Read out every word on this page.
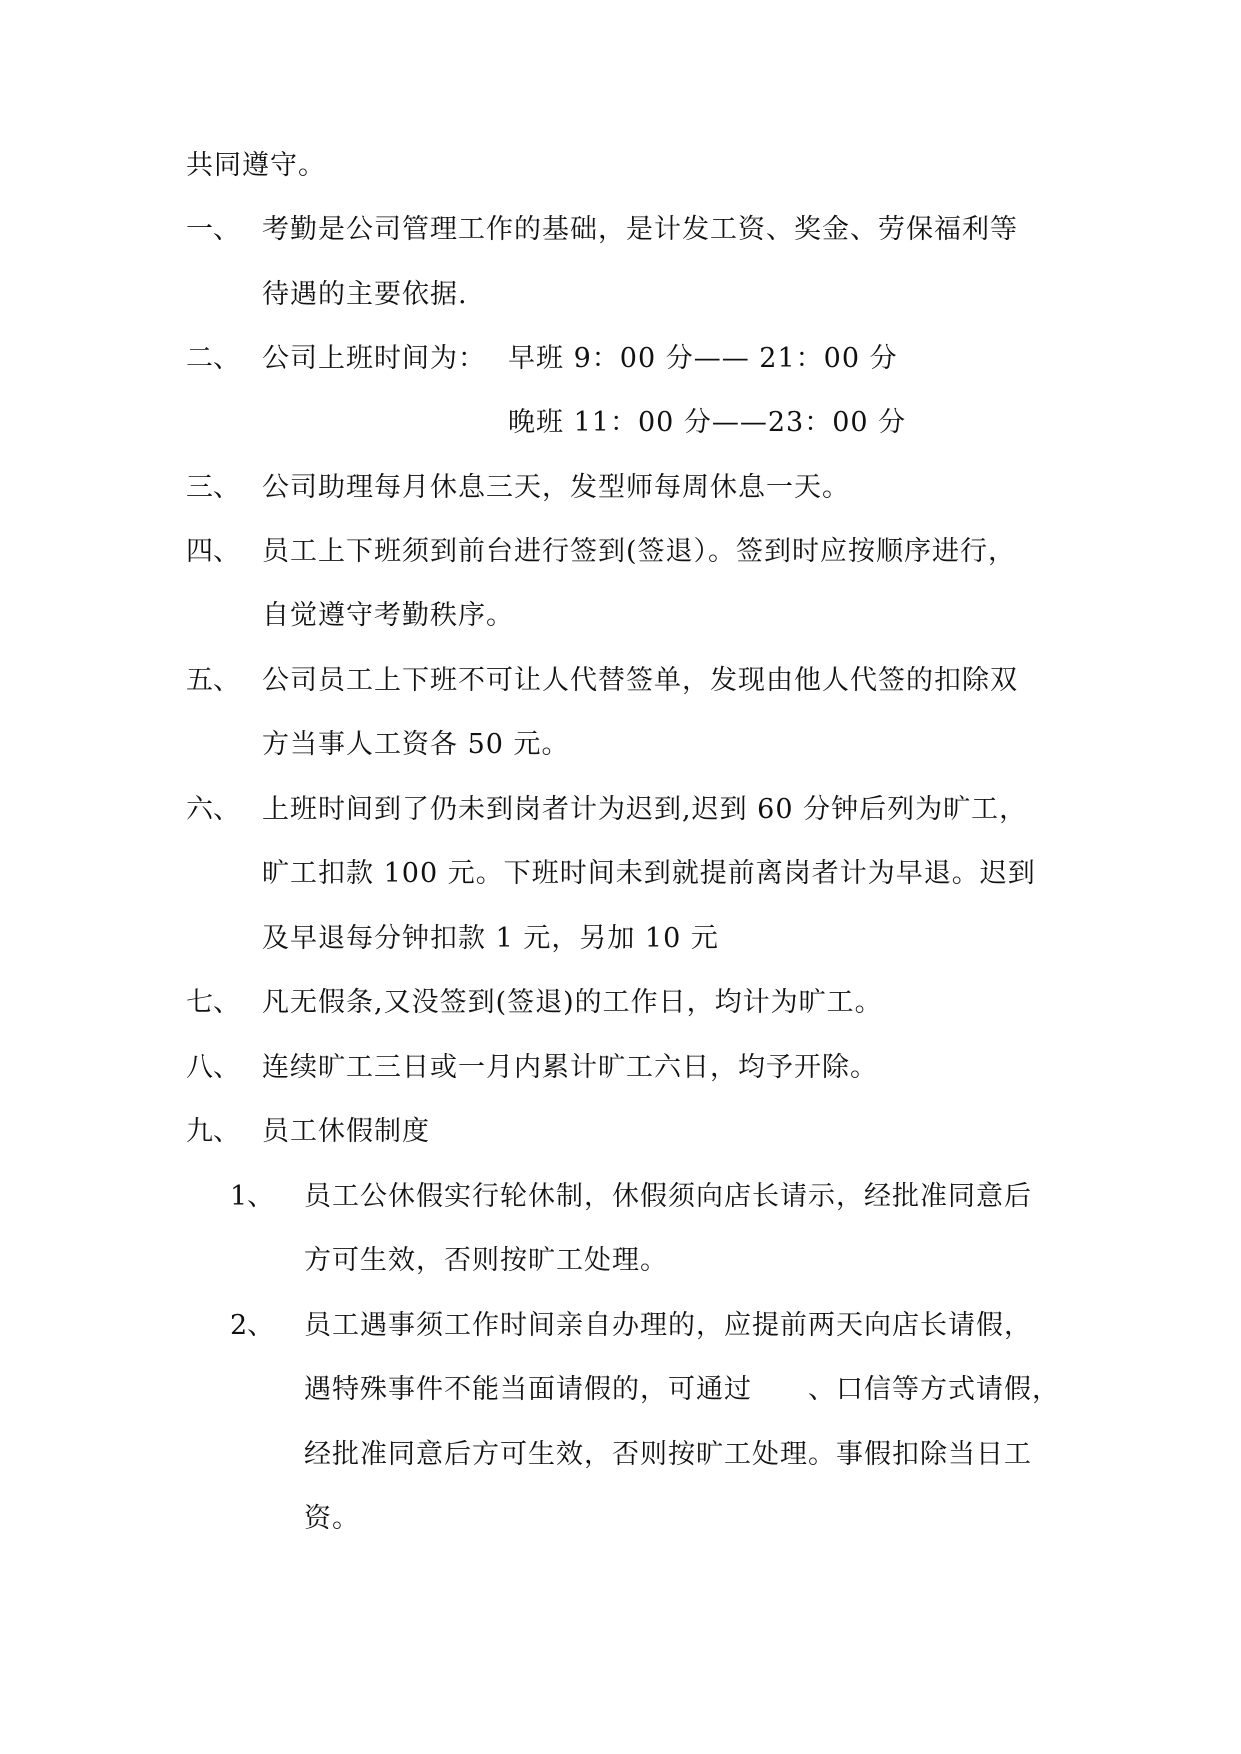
共同遵守。
一、 考勤是公司管理工作的基础，是计发工资、奖金、劳保福利等
待遇的主要依据.
二、 公司上班时间为： 早班 9：00 分—— 21：00 分
晚班 11：00 分——23：00 分
三、 公司助理每月休息三天，发型师每周休息一天。
四、 员工上下班须到前台进行签到(签退）。签到时应按顺序进行，
自觉遵守考勤秩序。
五、 公司员工上下班不可让人代替签单，发现由他人代签的扣除双
方当事人工资各 50 元。
六、 上班时间到了仍未到岗者计为迟到,迟到 60 分钟后列为旷工，
旷工扣款 100 元。下班时间未到就提前离岗者计为早退。迟到
及早退每分钟扣款 1 元，另加 10 元
七、 凡无假条,又没签到(签退)的工作日，均计为旷工。
八、 连续旷工三日或一月内累计旷工六日，均予开除。
九、 员工休假制度
1、 员工公休假实行轮休制，休假须向店长请示，经批准同意后
方可生效，否则按旷工处理。
2、 员工遇事须工作时间亲自办理的，应提前两天向店长请假，
遇特殊事件不能当面请假的，可通过　　、口信等方式请假，
经批准同意后方可生效，否则按旷工处理。事假扣除当日工
资。
